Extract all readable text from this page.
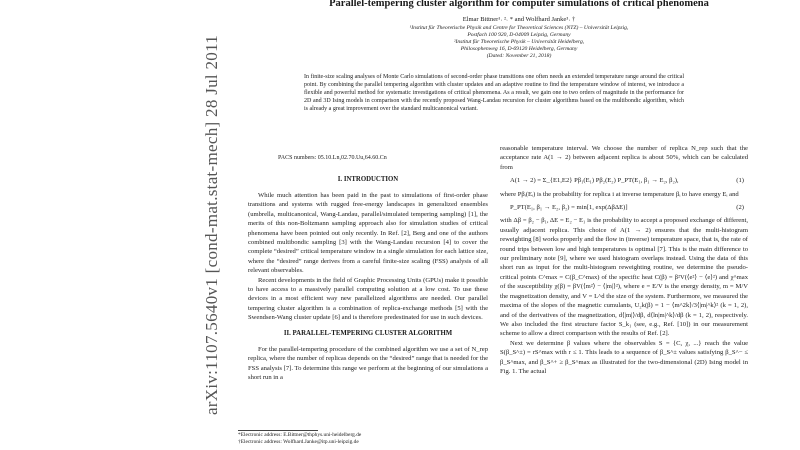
arXiv:1107.5640v1 [cond-mat.stat-mech] 28 Jul 2011
Parallel-tempering cluster algorithm for computer simulations of critical phenomena
Elmar Bittner¹˒ ²˒ * and Wolfhard Janke³˒ †
¹Institut für Theoretische Physik and Centre for Theoretical Sciences (NTZ) – Universität Leipzig,
Postfach 100 920, D-04009 Leipzig, Germany
²Institut für Theoretische Physik – Universität Heidelberg,
Philosophenweg 16, D-69120 Heidelberg, Germany
(Dated: November 21, 2018)
In finite-size scaling analyses of Monte Carlo simulations of second-order phase transitions one often needs an extended temperature range around the critical point. By combining the parallel tempering algorithm with cluster updates and an adaptive routine to find the temperature window of interest, we introduce a flexible and powerful method for systematic investigations of critical phenomena. As a result, we gain one to two orders of magnitude in the performance for 2D and 3D Ising models in comparison with the recently proposed Wang-Landau recursion for cluster algorithms based on the multibondic algorithm, which is already a great improvement over the standard multicanonical variant.
PACS numbers: 05.10.Ln,02.70.Uu,64.60.Cn
I. INTRODUCTION

While much attention has been paid in the past to simulations of first-order phase transitions and systems with rugged free-energy landscapes in generalized ensembles (umbrella, multicanonical, Wang-Landau, parallel/simulated tempering sampling) [1], the merits of this non-Boltzmann sampling approach also for simulation studies of critical phenomena have been pointed out only recently. In Ref. [2], Berg and one of the authors combined multibondic sampling [3] with the Wang-Landau recursion [4] to cover the complete “desired” critical temperature window in a single simulation for each lattice size, where the “desired” range derives from a careful finite-size scaling (FSS) analysis of all relevant observables.

Recent developments in the field of Graphic Processing Units (GPUs) make it possible to have access to a massively parallel computing solution at a low cost. To use these devices in a most efficient way new parallelized algorithms are needed. Our parallel tempering cluster algorithm is a combination of replica-exchange methods [5] with the Swendsen-Wang cluster update [6] and is therefore predestinated for use in such devices.

II. PARALLEL-TEMPERING CLUSTER ALGORITHM

For the parallel-tempering procedure of the combined algorithm we use a set of N_rep replica, where the number of replicas depends on the “desired” range that is needed for the FSS analysis [7]. To determine this range we perform at the beginning of our simulations a short run in a

reasonable temperature interval. We choose the number of replica N_rep such that the acceptance rate A(1 → 2) between adjacent replica is about 50%, which can be calculated from

A(1 → 2) = Σ_{E1,E2} Pβ₁(E₁) Pβ₂(E₂) P_PT(E₁, β₁ → E₂, β₂),	(1)

where Pβᵢ(Eᵢ) is the probability for replica i at inverse temperature βᵢ to have energy Eᵢ and

P_PT(E₁, β₁ → E₂, β₂) = min[1, exp(ΔβΔE)]	(2)

with Δβ = β₂ − β₁, ΔE = E₂ − E₁ is the probability to accept a proposed exchange of different, usually adjacent replica. This choice of A(1 → 2) ensures that the multi-histogram reweighting [8] works properly and the flow in (inverse) temperature space, that is, the rate of round trips between low and high temperatures is optimal [7]. This is the main difference to our preliminary note [9], where we used histogram overlaps instead. Using the data of this short run as input for the multi-histogram reweighting routine, we determine the pseudo-critical points C^max = C(β_C^max) of the specific heat C(β) = β²V(⟨e²⟩ − ⟨e⟩²) and χ^max of the susceptibility χ(β) = βV(⟨m²⟩ − ⟨|m|⟩²), where e = E/V is the energy density, m = M/V the magnetization density, and V = L^d the size of the system. Furthermore, we measured the maxima of the slopes of the magnetic cumulants, U₂k(β) = 1 − ⟨m^2k⟩/3⟨|m|^k⟩² (k = 1, 2), and of the derivatives of the magnetization, d⟨|m|⟩/dβ, d⟨ln|m|^k⟩/dβ (k = 1, 2), respectively. We also included the first structure factor S_k₁ (see, e.g., Ref. [10]) in our measurement scheme to allow a direct comparison with the results of Ref. [2].

Next we determine β values where the observables S = {C, χ, ...} reach the value S(β_S^±) = rS^max with r ≤ 1. This leads to a sequence of β_S^± values satisfying β_S^− ≤ β_S^max, and β_S^+ ≥ β_S^max as illustrated for the two-dimensional (2D) Ising model in Fig. 1. The actual

*Electronic address: E.Bittner@thphys.uni-heidelberg.de
†Electronic address: Wolfhard.Janke@itp.uni-leipzig.de
